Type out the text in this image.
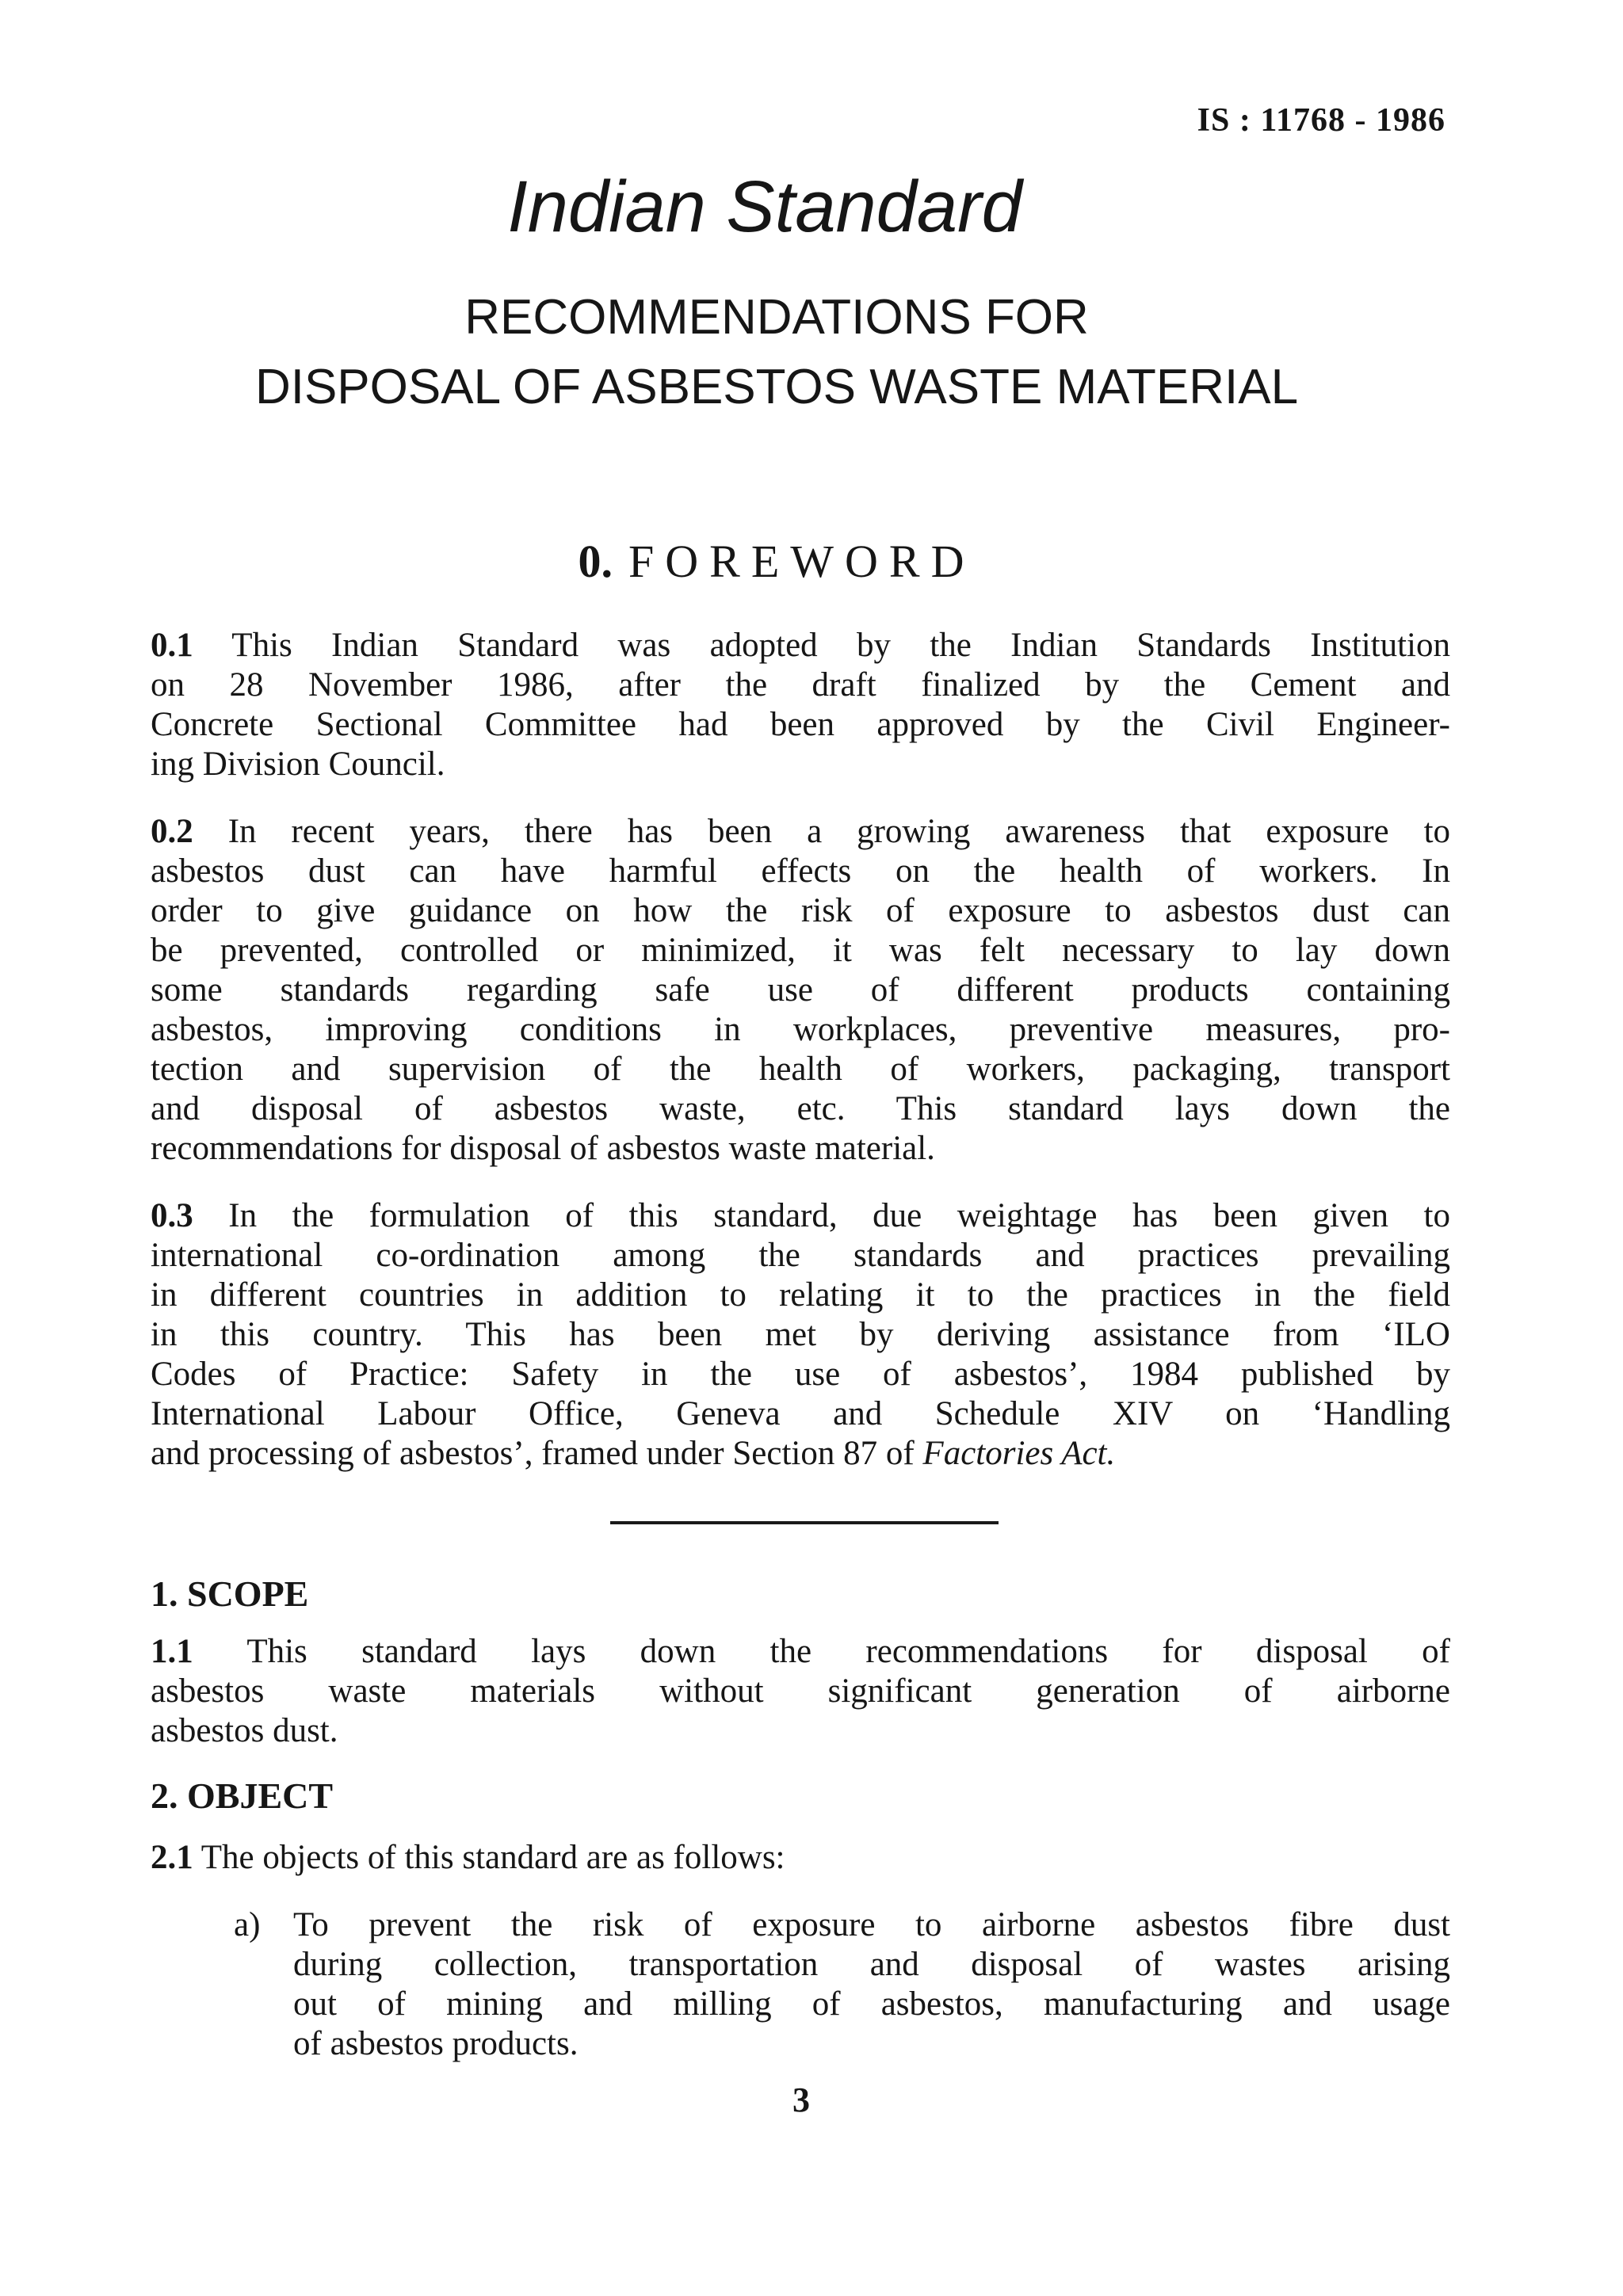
IS : 11768 - 1986
Indian Standard
RECOMMENDATIONS FOR
DISPOSAL OF ASBESTOS WASTE MATERIAL
0. FOREWORD
0.1 This Indian Standard was adopted by the Indian Standards Institution
on 28 November 1986, after the draft finalized by the Cement and
Concrete Sectional Committee had been approved by the Civil Engineer-
ing Division Council.
0.2 In recent years, there has been a growing awareness that exposure to
asbestos dust can have harmful effects on the health of workers. In
order to give guidance on how the risk of exposure to asbestos dust can
be prevented, controlled or minimized, it was felt necessary to lay down
some standards regarding safe use of different products containing
asbestos, improving conditions in workplaces, preventive measures, pro-
tection and supervision of the health of workers, packaging, transport
and disposal of asbestos waste, etc. This standard lays down the
recommendations for disposal of asbestos waste material.
0.3 In the formulation of this standard, due weightage has been given to
international co-ordination among the standards and practices prevailing
in different countries in addition to relating it to the practices in the field
in this country. This has been met by deriving assistance from ‘ILO
Codes of Practice: Safety in the use of asbestos’, 1984 published by
International Labour Office, Geneva and Schedule XIV on ‘Handling
and processing of asbestos’, framed under Section 87 of Factories Act.
1. SCOPE
1.1 This standard lays down the recommendations for disposal of
asbestos waste materials without significant generation of airborne
asbestos dust.
2. OBJECT
2.1 The objects of this standard are as follows:
a) To prevent the risk of exposure to airborne asbestos fibre dust
during collection, transportation and disposal of wastes arising
out of mining and milling of asbestos, manufacturing and usage
of asbestos products.
3
